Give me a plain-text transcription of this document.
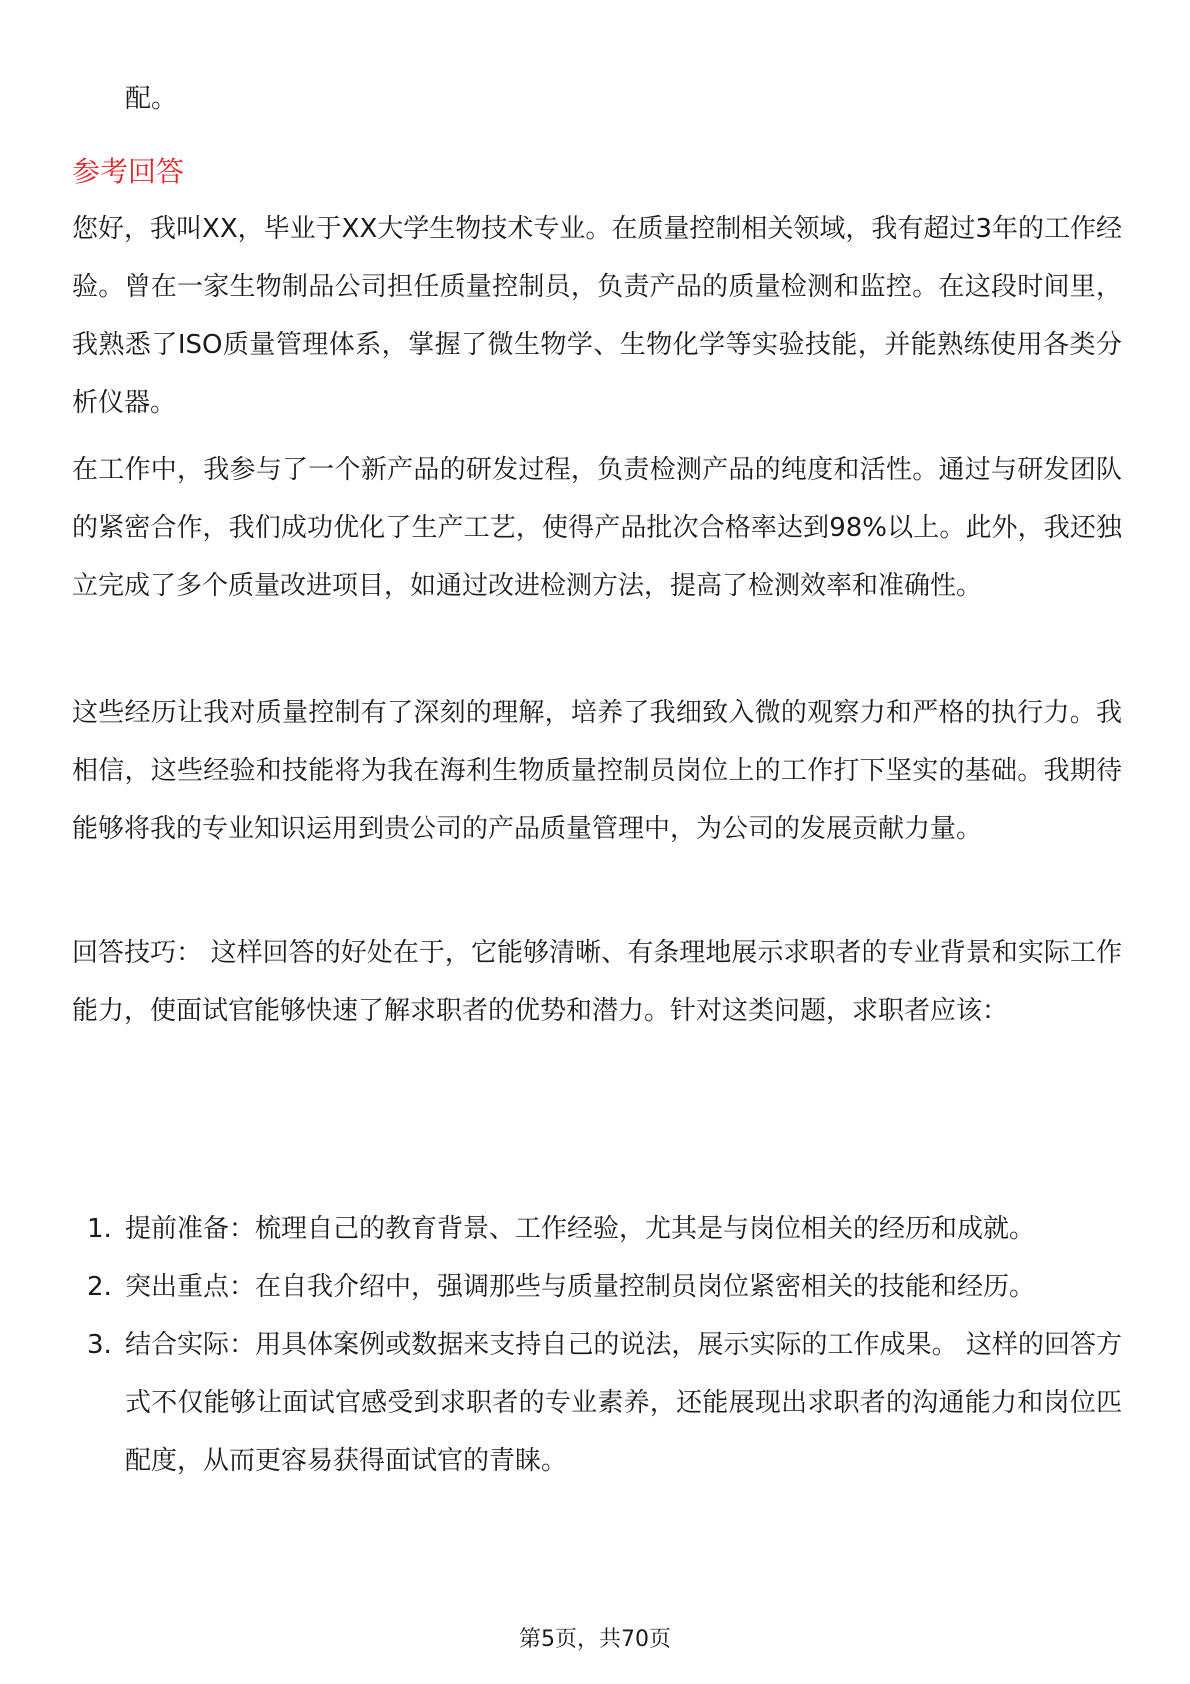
配。
参考回答

您好，我叫XX，毕业于XX大学生物技术专业。在质量控制相关领域，我有超过3年的工作经验。曾在一家生物制品公司担任质量控制员，负责产品的质量检测和监控。在这段时间里，我熟悉了ISO质量管理体系，掌握了微生物学、生物化学等实验技能，并能熟练使用各类分析仪器。

在工作中，我参与了一个新产品的研发过程，负责检测产品的纯度和活性。通过与研发团队的紧密合作，我们成功优化了生产工艺，使得产品批次合格率达到98%以上。此外，我还独立完成了多个质量改进项目，如通过改进检测方法，提高了检测效率和准确性。

这些经历让我对质量控制有了深刻的理解，培养了我细致入微的观察力和严格的执行力。我相信，这些经验和技能将为我在海利生物质量控制员岗位上的工作打下坚实的基础。我期待能够将我的专业知识运用到贵公司的产品质量管理中，为公司的发展贡献力量。

回答技巧： 这样回答的好处在于，它能够清晰、有条理地展示求职者的专业背景和实际工作能力，使面试官能够快速了解求职者的优势和潜力。针对这类问题，求职者应该：

1. 提前准备：梳理自己的教育背景、工作经验，尤其是与岗位相关的经历和成就。
2. 突出重点：在自我介绍中，强调那些与质量控制员岗位紧密相关的技能和经历。
3. 结合实际：用具体案例或数据来支持自己的说法，展示实际的工作成果。 这样的回答方式不仅能够让面试官感受到求职者的专业素养，还能展现出求职者的沟通能力和岗位匹配度，从而更容易获得面试官的青睐。
第5页，共70页
